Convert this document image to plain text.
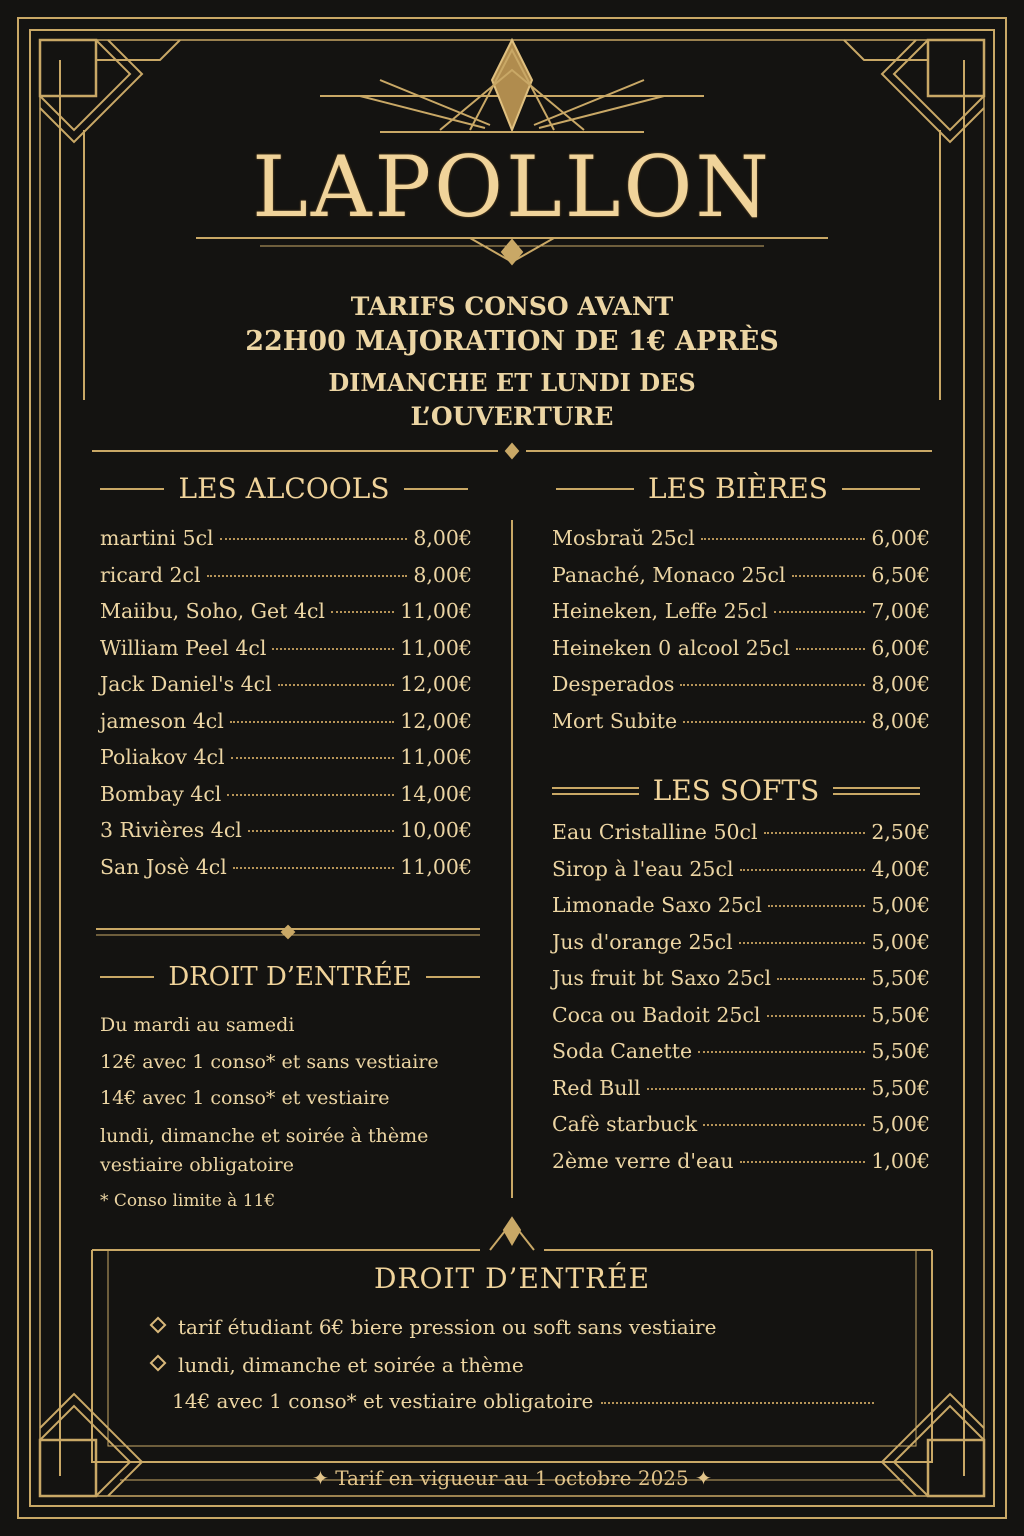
LAPOLLON
TARIFS CONSO AVANT
22H00 MAJORATION DE 1€ APRÈS
DIMANCHE ET LUNDI DES
L’OUVERTURE
LES ALCOOLS
martini 5cl	8,00€
ricard 2cl	8,00€
Maiibu, Soho, Get 4cl	11,00€
William Peel 4cl	11,00€
Jack Daniel's 4cl	12,00€
jameson 4cl	12,00€
Poliakov 4cl	11,00€
Bombay 4cl	14,00€
3 Rivières 4cl	10,00€
San Josè 4cl	11,00€
LES BIÈRES
Mosbraŭ 25cl	6,00€
Panaché, Monaco 25cl	6,50€
Heineken, Leffe 25cl	7,00€
Heineken 0 alcool 25cl	6,00€
Desperados	8,00€
Mort Subite	8,00€
LES SOFTS
Eau Cristalline 50cl	2,50€
Sirop à l'eau 25cl	4,00€
Limonade Saxo 25cl	5,00€
Jus d'orange 25cl	5,00€
Jus fruit bt Saxo 25cl	5,50€
Coca ou Badoit 25cl	5,50€
Soda Canette	5,50€
Red Bull	5,50€
Cafè starbuck	5,00€
2ème verre d'eau	1,00€
DROIT D’ENTRÉE
Du mardi au samedi
12€ avec 1 conso* et sans vestiaire
14€ avec 1 conso* et vestiaire
lundi, dimanche et soirée à thème
vestiaire obligatoire
* Conso limite à 11€
DROIT D’ENTRÉE
tarif étudiant 6€ biere pression ou soft sans vestiaire
lundi, dimanche et soirée a thème
14€ avec 1 conso* et vestiaire obligatoire
✦ Tarif en vigueur au 1 octobre 2025 ✦
